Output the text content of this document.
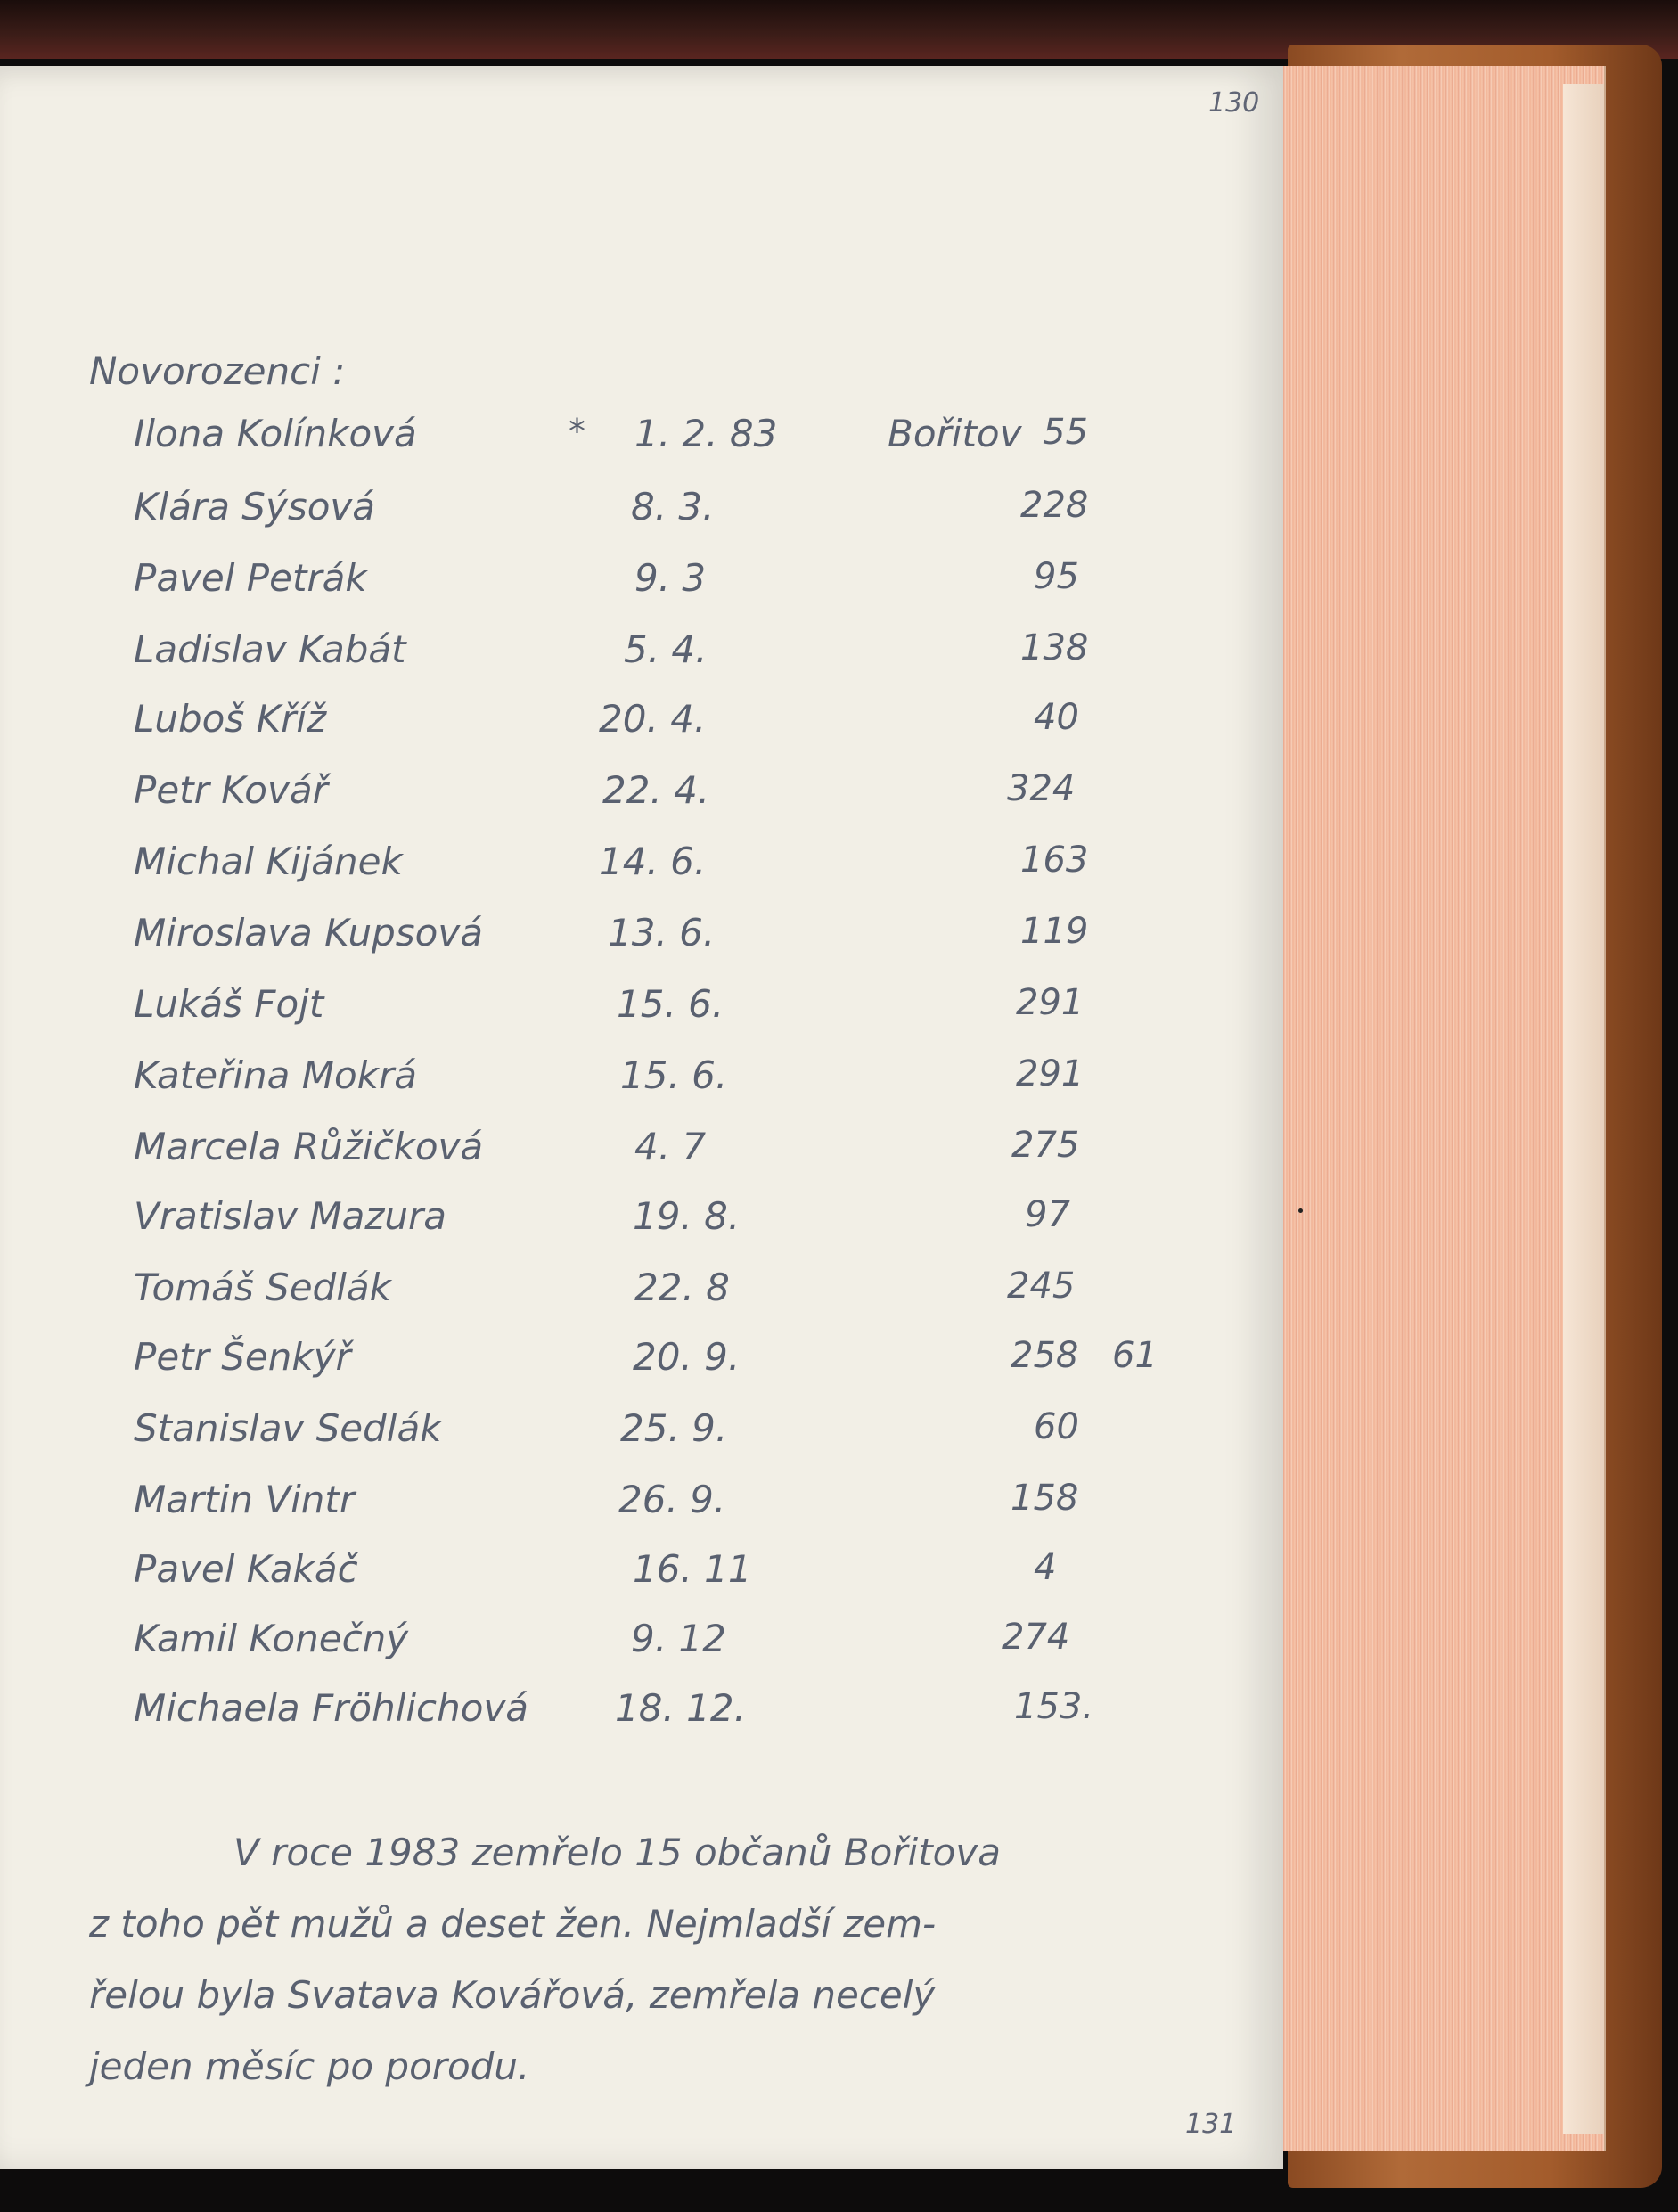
130
Novorozenci :
Ilona Kolínková	* 1. 2. 83	Bořitov 55
Klára Sýsová	8. 3.	228
Pavel Petrák	9. 3	95
Ladislav Kabát	5. 4.	138
Luboš Kříž	20. 4.	40
Petr Kovář	22. 4.	324
Michal Kijánek	14. 6.	163
Miroslava Kupsová	13. 6.	119
Lukáš Fojt	15. 6.	291
Kateřina Mokrá	15. 6.	291
Marcela Růžičková	4. 7	275
Vratislav Mazura	19. 8.	97
Tomáš Sedlák	22. 8	245
Petr Šenkýř	20. 9.	258 61
Stanislav Sedlák	25. 9.	60
Martin Vintr	26. 9.	158
Pavel Kakáč	16. 11	4
Kamil Konečný	9. 12	274
Michaela Fröhlichová 18. 12.	153.
V roce 1983 zemřelo 15 občanů Bořitova
z toho pět mužů a deset žen. Nejmladší zem-
řelou byla Svatava Kovářová, zemřela necelý
jeden měsíc po porodu.
131
